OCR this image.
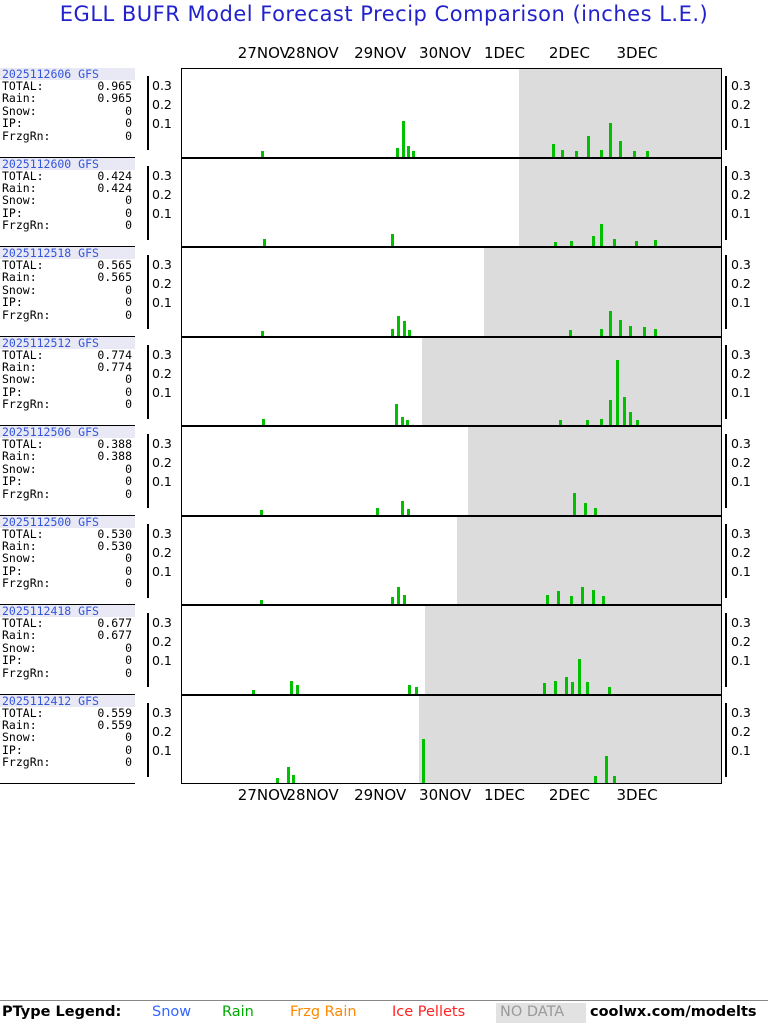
EGLL BUFR Model Forecast Precip Comparison (inches L.E.)
27NOV
28NOV 29NOV 30NOV 1DEC 2DEC 3DEC
2025112606 GFS
TOTAL:	0.965
Rain:	0.965
Snow:	0
IP:	0
FrzgRn:	0
0.3
0.2
0.1
0.3
0.2
0.1
2025112600 GFS
TOTAL:	0.424
Rain:	0.424
Snow:	0
IP:	0
FrzgRn:	0
0.3
0.2
0.1
0.3
0.2
0.1
2025112518 GFS
TOTAL:	0.565
Rain:	0.565
Snow:	0
IP:	0
FrzgRn:	0
0.3
0.2
0.1
0.3
0.2
0.1
2025112512 GFS
TOTAL:	0.774
Rain:	0.774
Snow:	0
IP:	0
FrzgRn:	0
0.3
0.2
0.1
0.3
0.2
0.1
2025112506 GFS
TOTAL:	0.388
Rain:	0.388
Snow:	0
IP:	0
FrzgRn:	0
0.3
0.2
0.1
0.3
0.2
0.1
2025112500 GFS
TOTAL:	0.530
Rain:	0.530
Snow:	0
IP:	0
FrzgRn:	0
0.3
0.2
0.1
0.3
0.2
0.1
2025112418 GFS
TOTAL:	0.677
Rain:	0.677
Snow:	0
IP:	0
FrzgRn:	0
0.3
0.2
0.1
0.3
0.2
0.1
2025112412 GFS
TOTAL:	0.559
Rain:	0.559
Snow:	0
IP:	0
FrzgRn:	0
0.3
0.2
0.1
0.3
0.2
0.1
27NOV
28NOV 29NOV 30NOV 1DEC 2DEC 3DEC
PType Legend: Snow Rain Frzg Rain Ice Pellets NO DATA coolwx.com/modelts
